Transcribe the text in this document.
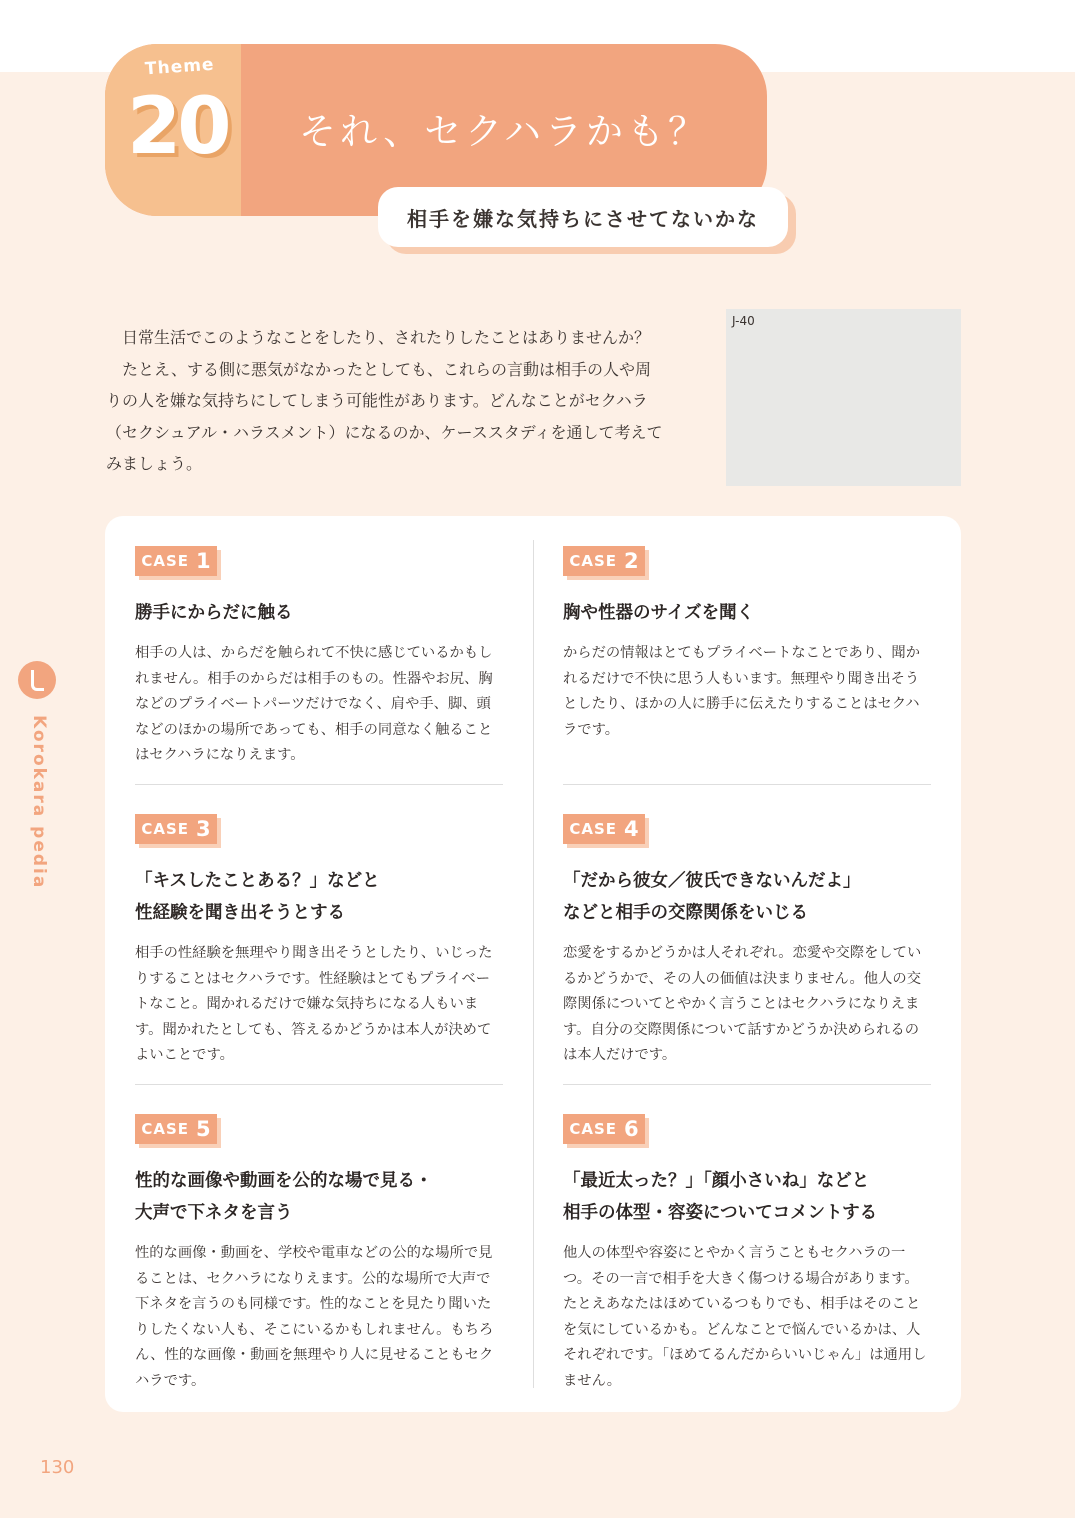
Theme
20	それ、セクハラかも？
相手を嫌な気持ちにさせてないかな

日常生活でこのようなことをしたり、されたりしたことはありませんか？

たとえ、する側に悪気がなかったとしても、これらの言動は相手の人や周りの人を嫌な気持ちにしてしまう可能性があります。どんなことがセクハラ（セクシュアル・ハラスメント）になるのか、ケーススタディを通して考えてみましょう。

J-40
Korokara pedia
CASE 1
勝手にからだに触る
相手の人は、からだを触られて不快に感じているかもしれません。相手のからだは相手のもの。性器やお尻、胸などのプライベートパーツだけでなく、肩や手、脚、頭などのほかの場所であっても、相手の同意なく触ることはセクハラになりえます。
CASE 2
胸や性器のサイズを聞く
からだの情報はとてもプライベートなことであり、聞かれるだけで不快に思う人もいます。無理やり聞き出そうとしたり、ほかの人に勝手に伝えたりすることはセクハラです。
CASE 3
「キスしたことある？」などと
性経験を聞き出そうとする
相手の性経験を無理やり聞き出そうとしたり、いじったりすることはセクハラです。性経験はとてもプライベートなこと。聞かれるだけで嫌な気持ちになる人もいます。聞かれたとしても、答えるかどうかは本人が決めてよいことです。
CASE 4
「だから彼女／彼氏できないんだよ」
などと相手の交際関係をいじる
恋愛をするかどうかは人それぞれ。恋愛や交際をしているかどうかで、その人の価値は決まりません。他人の交際関係についてとやかく言うことはセクハラになりえます。自分の交際関係について話すかどうか決められるのは本人だけです。
CASE 5
性的な画像や動画を公的な場で見る・
大声で下ネタを言う
性的な画像・動画を、学校や電車などの公的な場所で見ることは、セクハラになりえます。公的な場所で大声で下ネタを言うのも同様です。性的なことを見たり聞いたりしたくない人も、そこにいるかもしれません。もちろん、性的な画像・動画を無理やり人に見せることもセクハラです。
CASE 6
「最近太った？」「顔小さいね」などと
相手の体型・容姿についてコメントする
他人の体型や容姿にとやかく言うこともセクハラの一つ。その一言で相手を大きく傷つける場合があります。たとえあなたはほめているつもりでも、相手はそのことを気にしているかも。どんなことで悩んでいるかは、人それぞれです。「ほめてるんだからいいじゃん」は通用しません。
130
